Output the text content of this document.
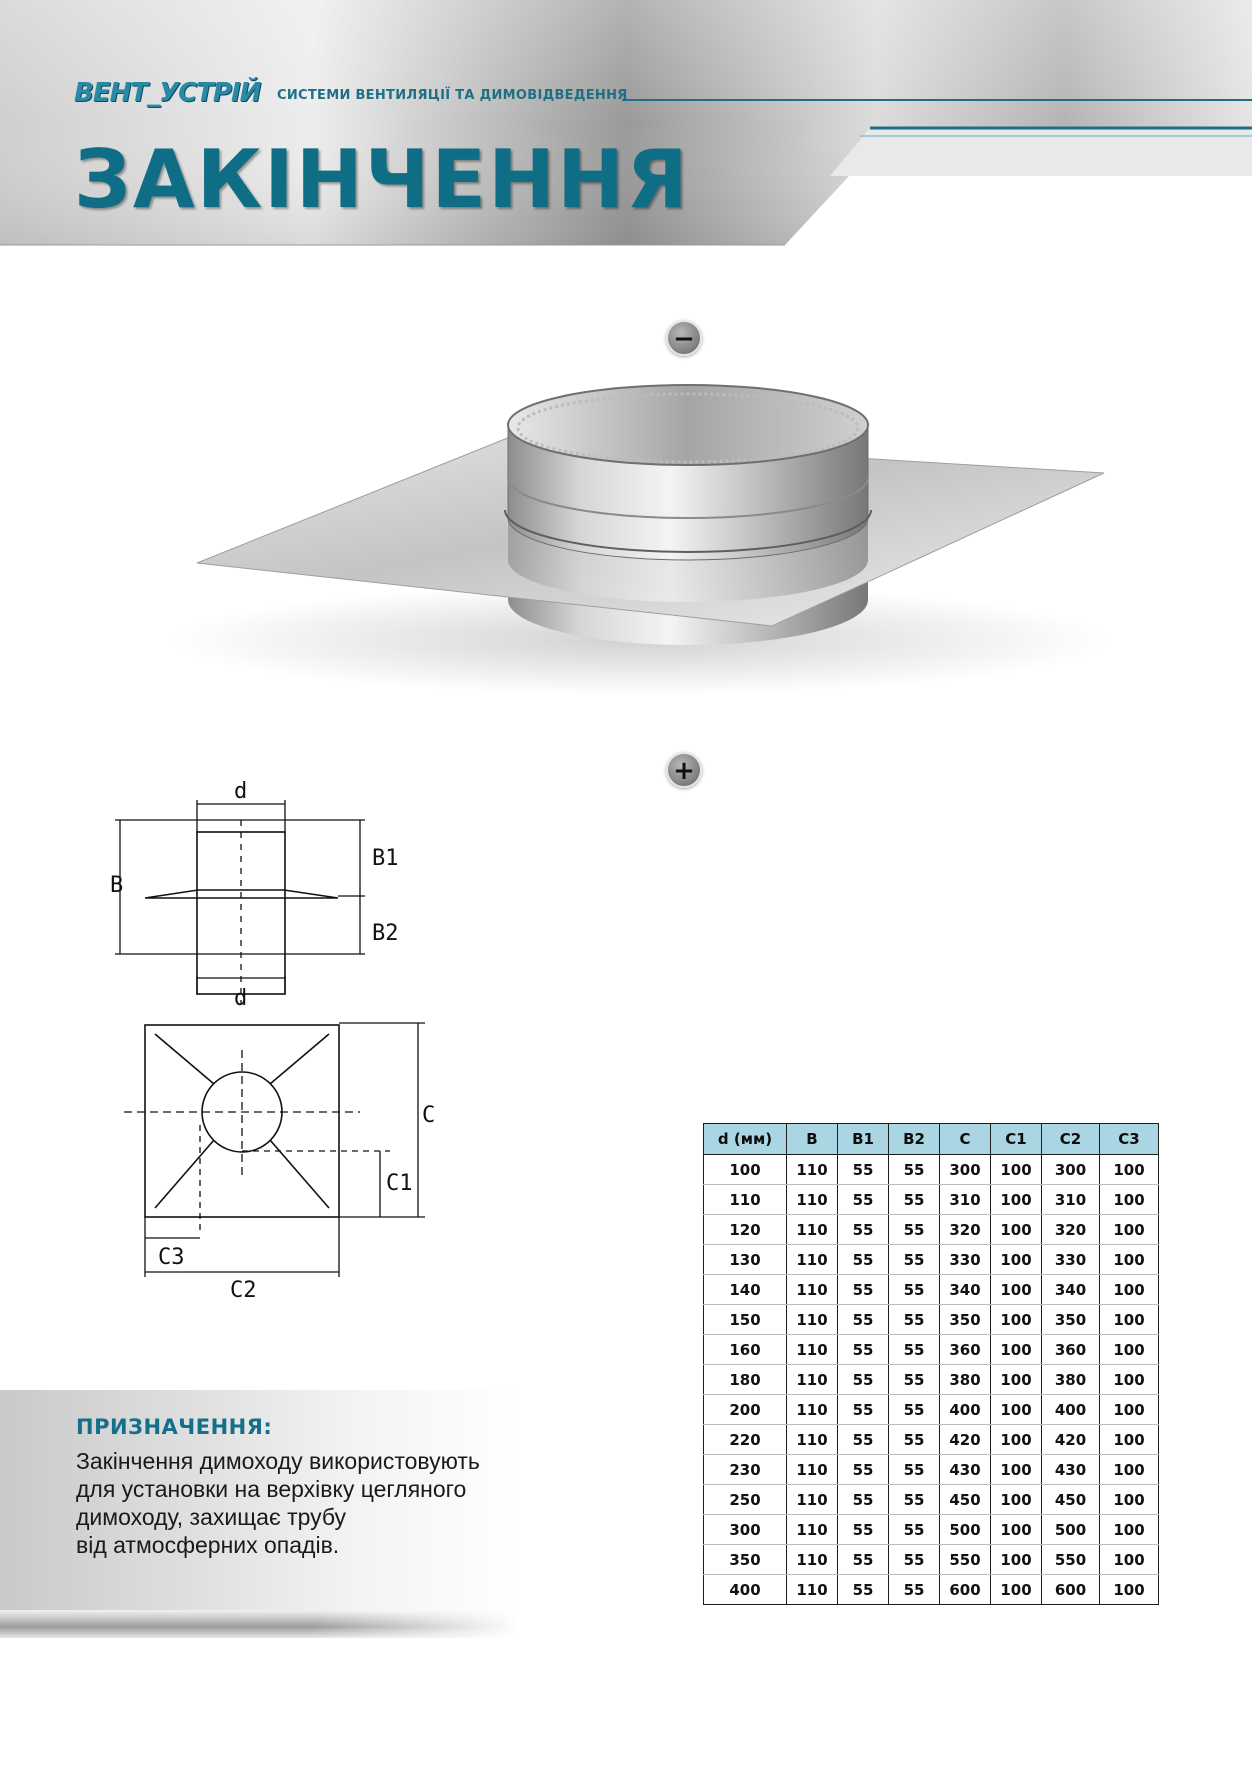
ВЕНТ_УСТРІЙ СИСТЕМИ ВЕНТИЛЯЦІЇ ТА ДИМОВІДВЕДЕННЯ
ЗАКІНЧЕННЯ
−
+
d
B
B1
B2
d
C
C1
C3
C2
d (мм)	B	B1	B2	C	C1	C2	C3
100	110	55	55	300	100	300	100
110	110	55	55	310	100	310	100
120	110	55	55	320	100	320	100
130	110	55	55	330	100	330	100
140	110	55	55	340	100	340	100
150	110	55	55	350	100	350	100
160	110	55	55	360	100	360	100
180	110	55	55	380	100	380	100
200	110	55	55	400	100	400	100
220	110	55	55	420	100	420	100
230	110	55	55	430	100	430	100
250	110	55	55	450	100	450	100
300	110	55	55	500	100	500	100
350	110	55	55	550	100	550	100
400	110	55	55	600	100	600	100
ПРИЗНАЧЕННЯ:
Закінчення димоходу використовують
для установки на верхівку цегляного
димоходу, захищає трубу
від атмосферних опадів.
